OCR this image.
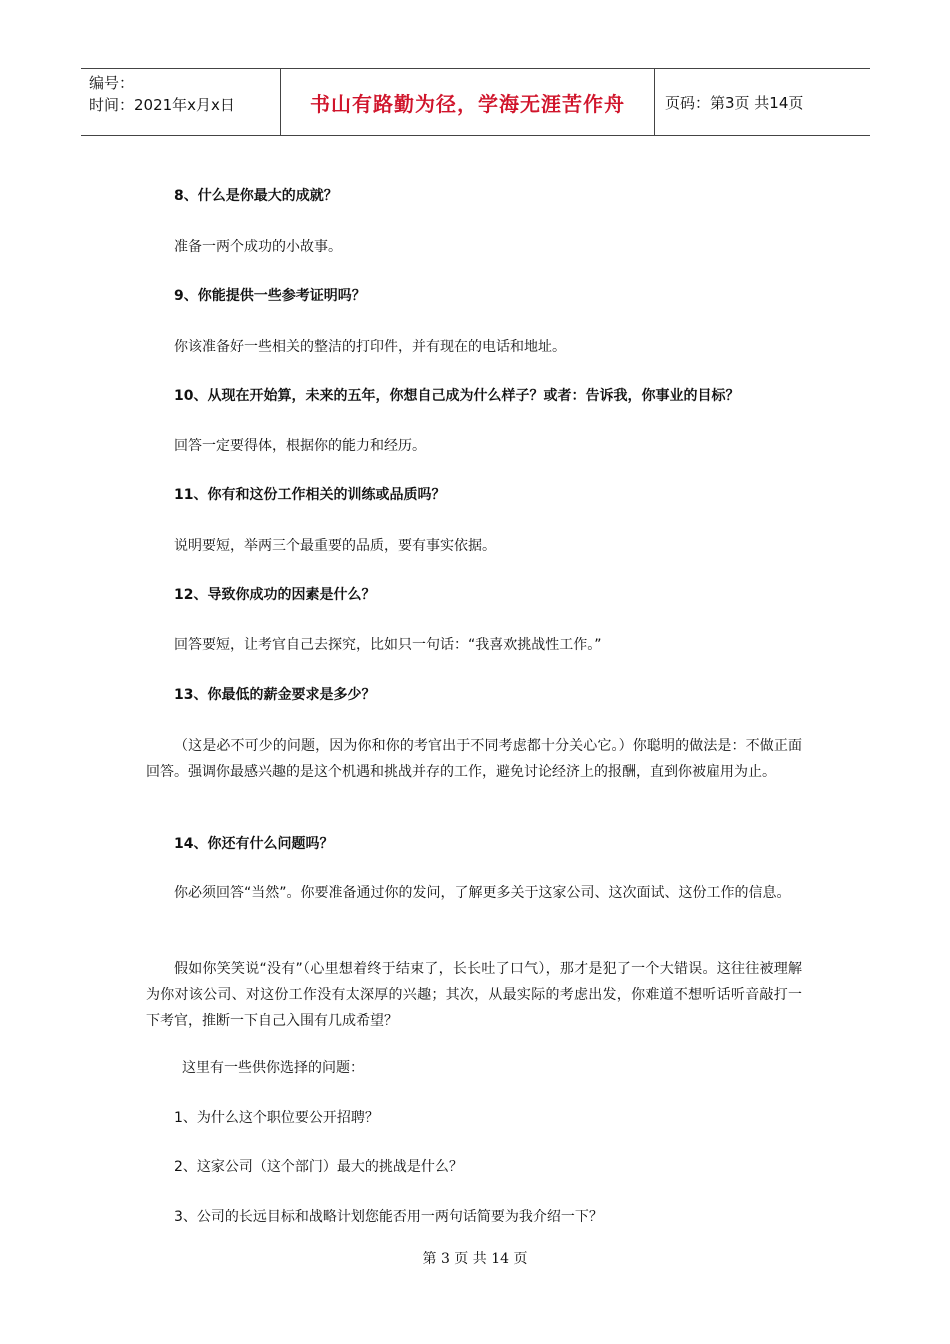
编号：
时间：2021年x月x日	书山有路勤为径，学海无涯苦作舟	页码：第3页 共14页
8、什么是你最大的成就？
准备一两个成功的小故事。
9、你能提供一些参考证明吗？
你该准备好一些相关的整洁的打印件，并有现在的电话和地址。
10、从现在开始算，未来的五年，你想自己成为什么样子？或者：告诉我，你事业的目标？
回答一定要得体，根据你的能力和经历。
11、你有和这份工作相关的训练或品质吗？
说明要短，举两三个最重要的品质，要有事实依据。
12、导致你成功的因素是什么？
回答要短，让考官自己去探究，比如只一句话：“我喜欢挑战性工作。”
13、你最低的薪金要求是多少？
（这是必不可少的问题，因为你和你的考官出于不同考虑都十分关心它。）你聪明的做法是：不做正面回答。强调你最感兴趣的是这个机遇和挑战并存的工作，避免讨论经济上的报酬，直到你被雇用为止。
14、你还有什么问题吗？
你必须回答“当然”。你要准备通过你的发问，了解更多关于这家公司、这次面试、这份工作的信息。
假如你笑笑说“没有”（心里想着终于结束了，长长吐了口气），那才是犯了一个大错误。这往往被理解为你对该公司、对这份工作没有太深厚的兴趣；其次，从最实际的考虑出发，你难道不想听话听音敲打一下考官，推断一下自己入围有几成希望？
这里有一些供你选择的问题：
1、为什么这个职位要公开招聘？
2、这家公司（这个部门）最大的挑战是什么？
3、公司的长远目标和战略计划您能否用一两句话简要为我介绍一下？
第 3 页 共 14 页
